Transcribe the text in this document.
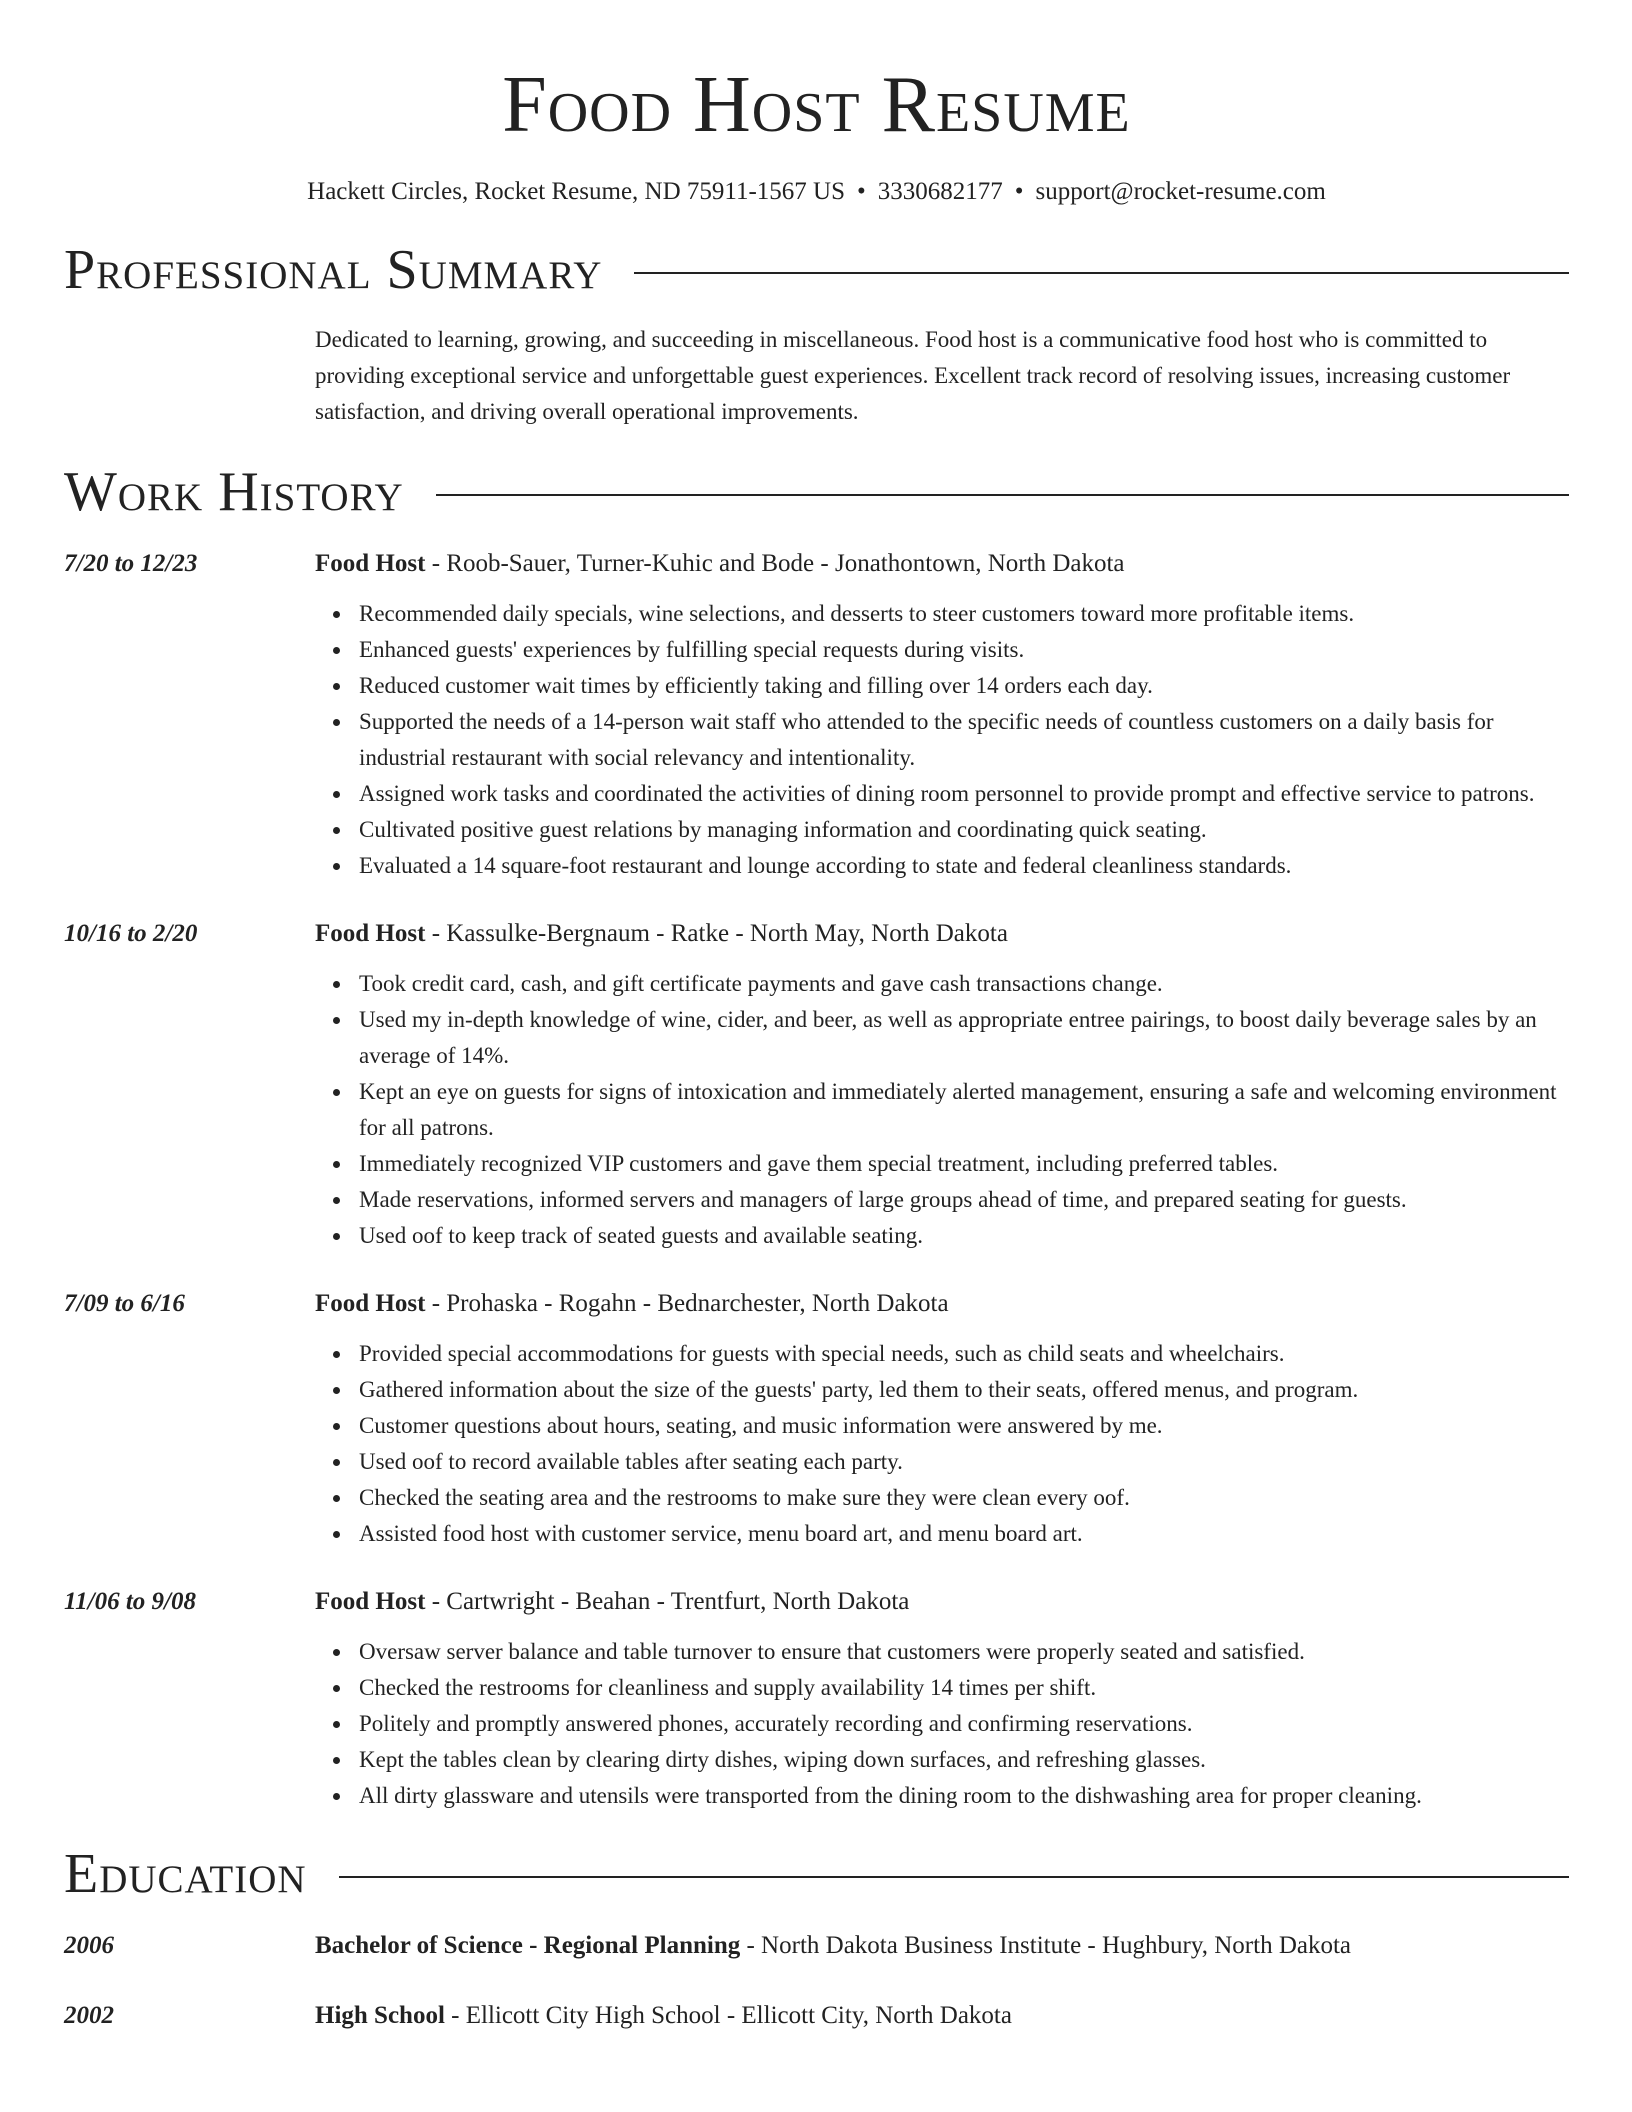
Food Host Resume
Hackett Circles, Rocket Resume, ND 75911-1567 US • 3330682177 • support@rocket-resume.com
Professional Summary
Dedicated to learning, growing, and succeeding in miscellaneous. Food host is a communicative food host who is committed to providing exceptional service and unforgettable guest experiences. Excellent track record of resolving issues, increasing customer satisfaction, and driving overall operational improvements.
Work History
7/20 to 12/23	Food Host - Roob-Sauer, Turner-Kuhic and Bode - Jonathontown, North Dakota
Recommended daily specials, wine selections, and desserts to steer customers toward more profitable items.
Enhanced guests' experiences by fulfilling special requests during visits.
Reduced customer wait times by efficiently taking and filling over 14 orders each day.
Supported the needs of a 14-person wait staff who attended to the specific needs of countless customers on a daily basis for industrial restaurant with social relevancy and intentionality.
Assigned work tasks and coordinated the activities of dining room personnel to provide prompt and effective service to patrons.
Cultivated positive guest relations by managing information and coordinating quick seating.
Evaluated a 14 square-foot restaurant and lounge according to state and federal cleanliness standards.
10/16 to 2/20	Food Host - Kassulke-Bergnaum - Ratke - North May, North Dakota
Took credit card, cash, and gift certificate payments and gave cash transactions change.
Used my in-depth knowledge of wine, cider, and beer, as well as appropriate entree pairings, to boost daily beverage sales by an average of 14%.
Kept an eye on guests for signs of intoxication and immediately alerted management, ensuring a safe and welcoming environment for all patrons.
Immediately recognized VIP customers and gave them special treatment, including preferred tables.
Made reservations, informed servers and managers of large groups ahead of time, and prepared seating for guests.
Used oof to keep track of seated guests and available seating.
7/09 to 6/16	Food Host - Prohaska - Rogahn - Bednarchester, North Dakota
Provided special accommodations for guests with special needs, such as child seats and wheelchairs.
Gathered information about the size of the guests' party, led them to their seats, offered menus, and program.
Customer questions about hours, seating, and music information were answered by me.
Used oof to record available tables after seating each party.
Checked the seating area and the restrooms to make sure they were clean every oof.
Assisted food host with customer service, menu board art, and menu board art.
11/06 to 9/08	Food Host - Cartwright - Beahan - Trentfurt, North Dakota
Oversaw server balance and table turnover to ensure that customers were properly seated and satisfied.
Checked the restrooms for cleanliness and supply availability 14 times per shift.
Politely and promptly answered phones, accurately recording and confirming reservations.
Kept the tables clean by clearing dirty dishes, wiping down surfaces, and refreshing glasses.
All dirty glassware and utensils were transported from the dining room to the dishwashing area for proper cleaning.
Education
2006	Bachelor of Science - Regional Planning - North Dakota Business Institute - Hughbury, North Dakota
2002	High School - Ellicott City High School - Ellicott City, North Dakota
